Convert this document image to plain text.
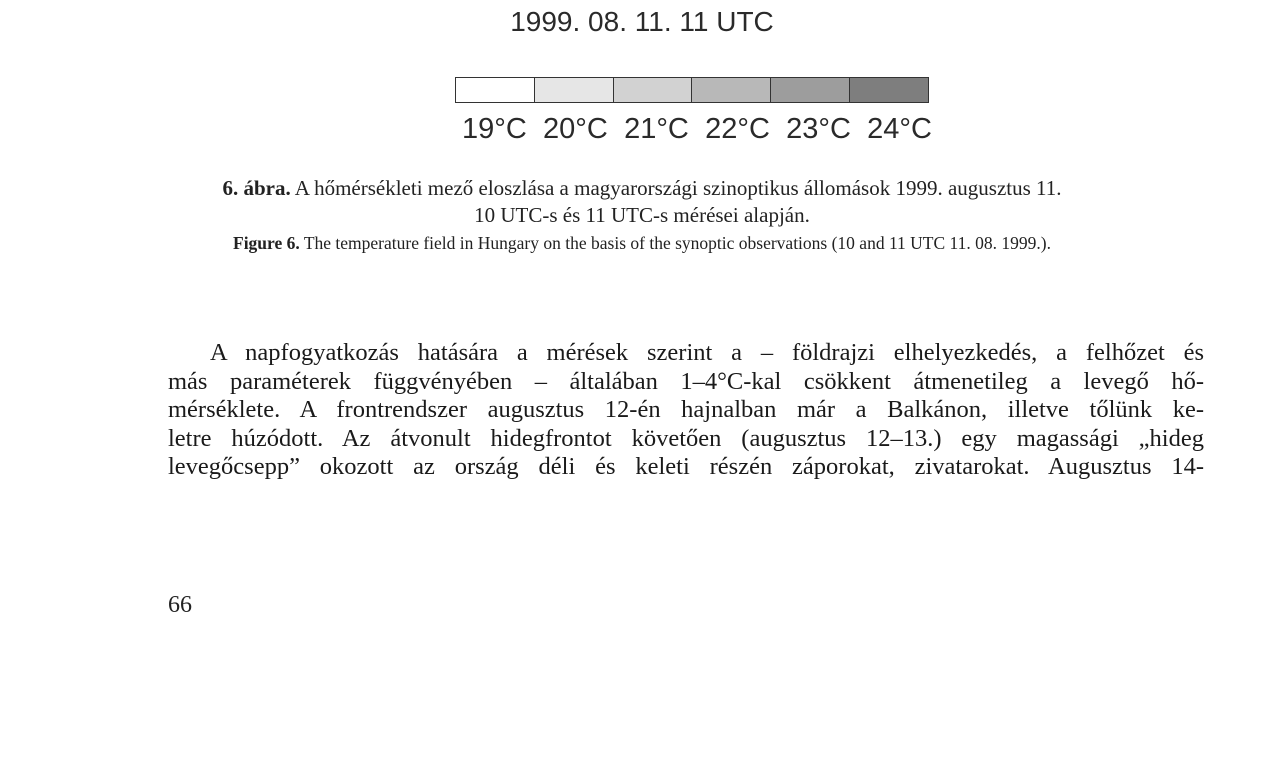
1999. 08. 11. 11 UTC
19°C 20°C 21°C 22°C 23°C 24°C
6. ábra. A hőmérsékleti mező eloszlása a magyarországi szinoptikus állomások 1999. augusztus 11.
10 UTC-s és 11 UTC-s mérései alapján.
Figure 6. The temperature field in Hungary on the basis of the synoptic observations (10 and 11 UTC 11. 08. 1999.).
A napfogyatkozás hatására a mérések szerint a – földrajzi elhelyezkedés, a felhőzet és
más paraméterek függvényében – általában 1–4°C-kal csökkent átmenetileg a levegő hő-
mérséklete. A frontrendszer augusztus 12-én hajnalban már a Balkánon, illetve tőlünk ke-
letre húzódott. Az átvonult hidegfrontot követően (augusztus 12–13.) egy magassági „hideg
levegőcsepp” okozott az ország déli és keleti részén záporokat, zivatarokat. Augusztus 14-
66
